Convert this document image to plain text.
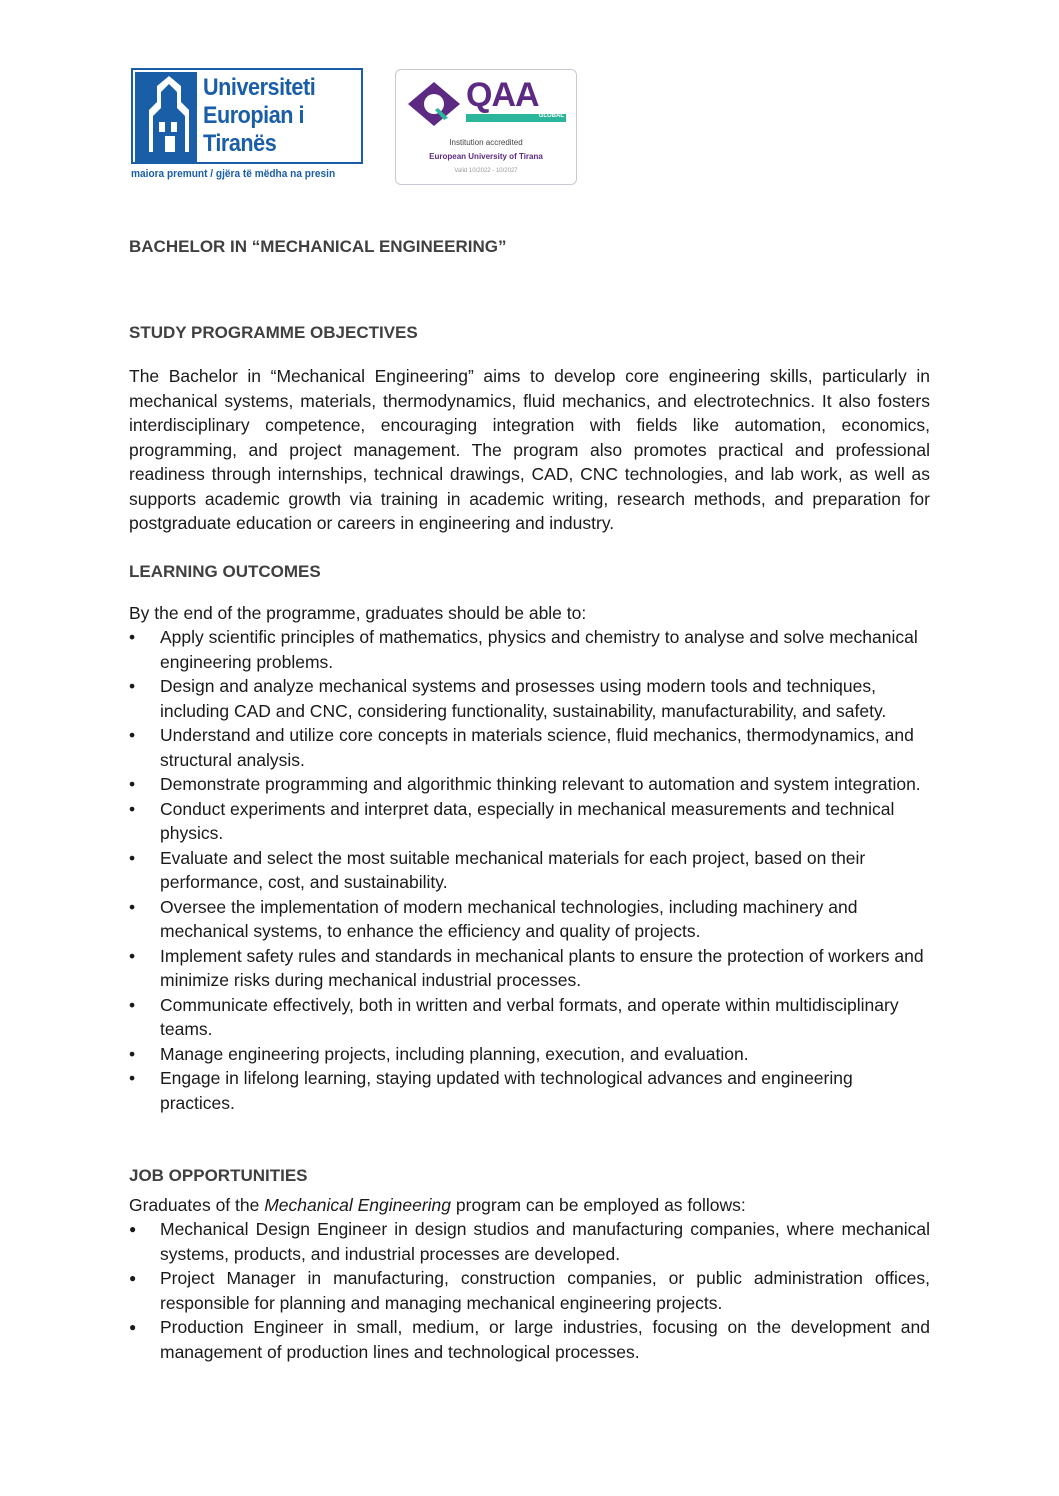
Universiteti
Europian i
Tiranës
maiora premunt / gjëra të mëdha na presin
QAA
GLOBAL
Institution accredited
European University of Tirana
Valid 10/2022 - 10/2027
BACHELOR IN “MECHANICAL ENGINEERING”
STUDY PROGRAMME OBJECTIVES
The Bachelor in “Mechanical Engineering” aims to develop core engineering skills, particularly in mechanical systems, materials, thermodynamics, fluid mechanics, and electrotechnics. It also fosters interdisciplinary competence, encouraging integration with fields like automation, economics, programming, and project management. The program also promotes practical and professional readiness through internships, technical drawings, CAD, CNC technologies, and lab work, as well as supports academic growth via training in academic writing, research methods, and preparation for postgraduate education or careers in engineering and industry.
LEARNING OUTCOMES
By the end of the programme, graduates should be able to:
•	Apply scientific principles of mathematics, physics and chemistry to analyse and solve mechanical engineering problems.
•	Design and analyze mechanical systems and prosesses using modern tools and techniques, including CAD and CNC, considering functionality, sustainability, manufacturability, and safety.
•	Understand and utilize core concepts in materials science, fluid mechanics, thermodynamics, and structural analysis.
•	Demonstrate programming and algorithmic thinking relevant to automation and system integration.
•	Conduct experiments and interpret data, especially in mechanical measurements and technical physics.
•	Evaluate and select the most suitable mechanical materials for each project, based on their performance, cost, and sustainability.
•	Oversee the implementation of modern mechanical technologies, including machinery and mechanical systems, to enhance the efficiency and quality of projects.
•	Implement safety rules and standards in mechanical plants to ensure the protection of workers and minimize risks during mechanical industrial processes.
•	Communicate effectively, both in written and verbal formats, and operate within multidisciplinary teams.
•	Manage engineering projects, including planning, execution, and evaluation.
•	Engage in lifelong learning, staying updated with technological advances and engineering practices.
JOB OPPORTUNITIES
Graduates of the Mechanical Engineering program can be employed as follows:
●	Mechanical Design Engineer in design studios and manufacturing companies, where mechanical systems, products, and industrial processes are developed.
●	Project Manager in manufacturing, construction companies, or public administration offices, responsible for planning and managing mechanical engineering projects.
●	Production Engineer in small, medium, or large industries, focusing on the development and management of production lines and technological processes.
